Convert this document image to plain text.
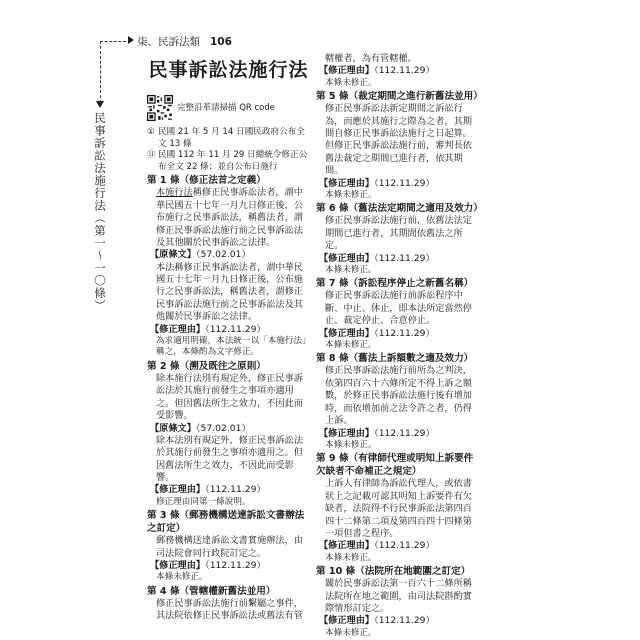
柒、民訴法類 106
民事訴訟法施行法（第一～一〇條）
民事訴訟法施行法
完整沿革請掃描 QR code
① 民國 21 年 5 月 14 日國民政府公布全文 13 條
⑪ 民國 112 年 11 月 29 日總統令修正公布全文 22 條；並自公布日施行
第 1 條（修正法首之定義）
本施行法稱修正民事訴訟法者，謂中華民國五十七年一月九日修正後，公布施行之民事訴訟法，稱舊法者，謂修正民事訴訟法施行前之民事訴訟法及其他關於民事訴訟之法律。
【原條文】（57.02.01）
本法稱修正民事訴訟法者，謂中華民國五十七年一月九日修正後，公布施行之民事訴訟法，稱舊法者，謂修正民事訴訟法施行前之民事訴訟法及其他關於民事訴訟之法律。
【修正理由】（112.11.29）
為求適用明確，本法統一以「本施行法」稱之，本條酌為文字修正。
第 2 條（溯及既往之原則）
除本施行法別有規定外，修正民事訴訟法於其施行前發生之事項亦適用之。但因舊法所生之效力，不因此而受影響。
【原條文】（57.02.01）
除本法別有規定外，修正民事訴訟法於其施行前發生之事項亦適用之。但因舊法所生之效力，不因此而受影響。
【修正理由】（112.11.29）
修正理由同第一條說明。
第 3 條（郵務機構送達訴訟文書辦法之訂定）
郵務機構送達訴訟文書實施辦法，由司法院會同行政院訂定之。
【修正理由】（112.11.29）
本條未修正。
第 4 條（管轄權新舊法並用）
修正民事訴訟法施行前繫屬之事件，其法院依修正民事訴訟法或舊法有管
轄權者，為有管轄權。
【修正理由】（112.11.29）
本條未修正。
第 5 條（裁定期間之進行新舊法並用）
修正民事訴訟法新定期間之訴訟行為，而應於其施行之際為之者，其期間自修正民事訴訟法施行之日起算。但修正民事訴訟法施行前，審判長依舊法裁定之期間已進行者，依其期間。
【修正理由】（112.11.29）
本條未修正。
第 6 條（舊法法定期間之適用及效力）
修正民事訴訟法施行前，依舊法法定期間已進行者，其期間依舊法之所定。
【修正理由】（112.11.29）
本條未修正。
第 7 條（訴訟程序停止之新舊名稱）
修正民事訴訟法施行前訴訟程序中斷、中止、休止，即本法所定當然停止、裁定停止、合意停止。
【修正理由】（112.11.29）
本條未修正。
第 8 條（舊法上訴額數之適及效力）
修正民事訴訟法施行前所為之判決，依第四百六十六條所定不得上訴之額數，於修正民事訴訟法施行後有增加時，而依增加前之法令許之者，仍得上訴。
【修正理由】（112.11.29）
本條未修正。
第 9 條（有律師代理或明知上訴要件欠缺者不命補正之規定）
上訴人有律師為訴訟代理人，或依書狀上之記載可認其明知上訴要件有欠缺者，法院得不行民事訴訟法第四百四十二條第二項及第四百四十四條第一項但書之程序。
【修正理由】（112.11.29）
本條未修正。
第 10 條（法院所在地範圍之訂定）
關於民事訴訟法第一百六十二條所稱法院所在地之範圍，由司法院斟酌實際情形訂定之。
【修正理由】（112.11.29）
本條未修正。
